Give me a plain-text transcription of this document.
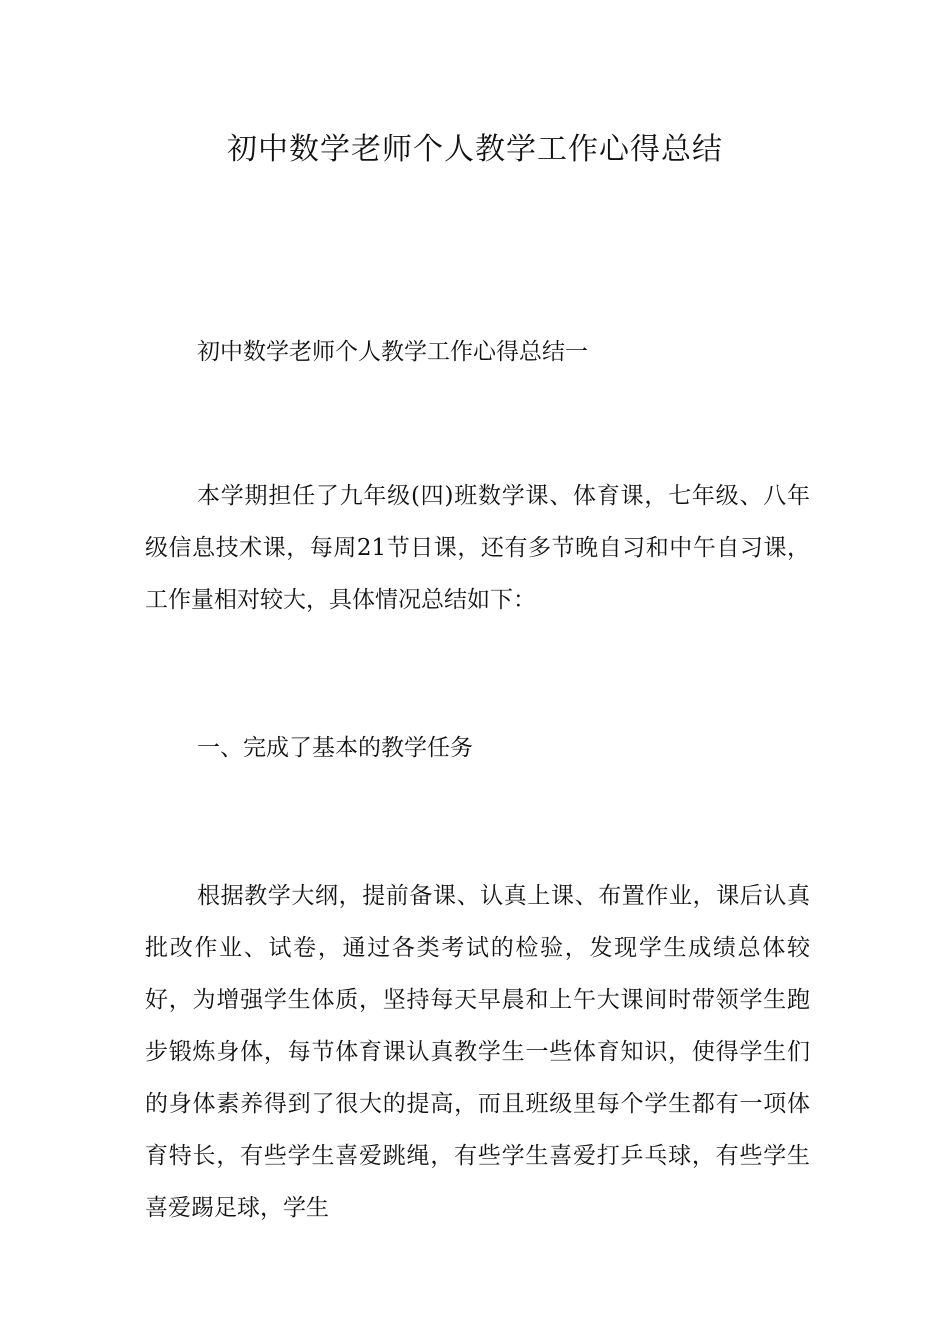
初中数学老师个人教学工作心得总结

初中数学老师个人教学工作心得总结一

本学期担任了九年级(四)班数学课、体育课，七年级、八年级信息技术课，每周21节日课，还有多节晚自习和中午自习课，工作量相对较大，具体情况总结如下：

一、完成了基本的教学任务

根据教学大纲，提前备课、认真上课、布置作业，课后认真批改作业、试卷，通过各类考试的检验，发现学生成绩总体较好，为增强学生体质，坚持每天早晨和上午大课间时带领学生跑步锻炼身体，每节体育课认真教学生一些体育知识，使得学生们的身体素养得到了很大的提高，而且班级里每个学生都有一项体育特长，有些学生喜爱跳绳，有些学生喜爱打乒乓球，有些学生喜爱踢足球，学生
